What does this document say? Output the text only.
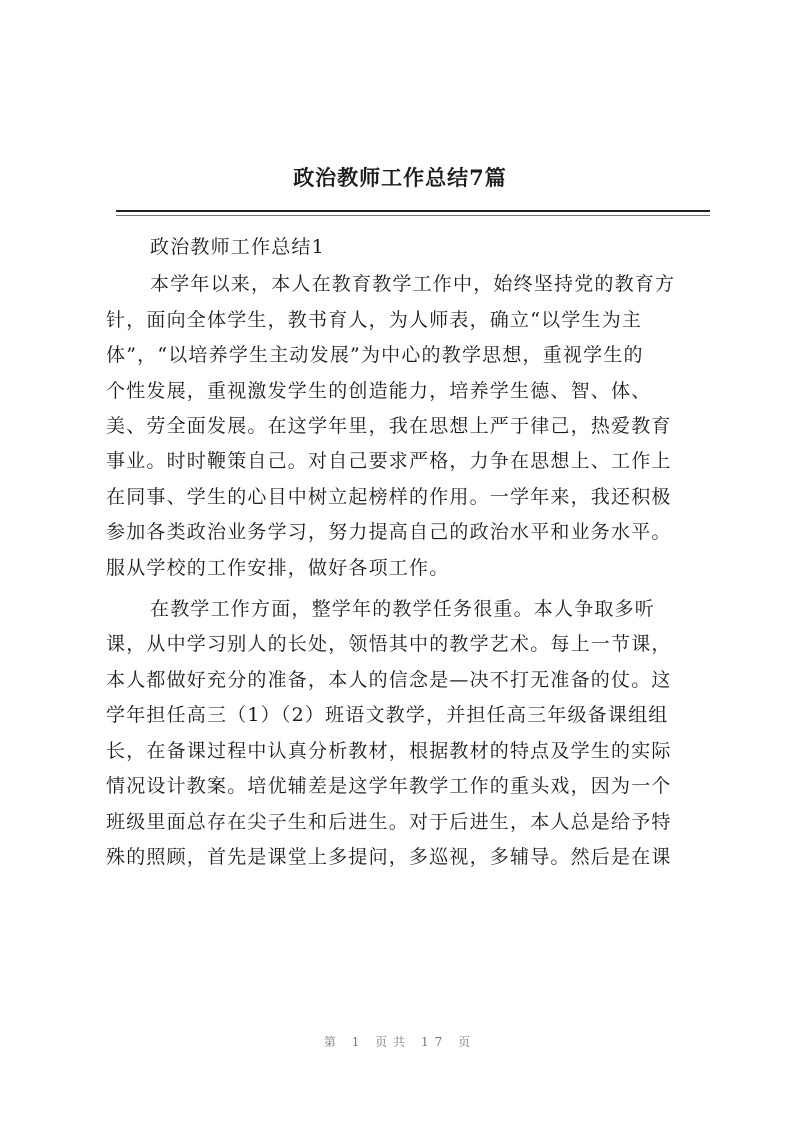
政治教师工作总结7篇
政治教师工作总结1
本学年以来，本人在教育教学工作中，始终坚持党的教育方
针，面向全体学生，教书育人，为人师表，确立“以学生为主
体”，“以培养学生主动发展”为中心的教学思想，重视学生的
个性发展，重视激发学生的创造能力，培养学生德、智、体、
美、劳全面发展。在这学年里，我在思想上严于律己，热爱教育
事业。时时鞭策自己。对自己要求严格，力争在思想上、工作上
在同事、学生的心目中树立起榜样的作用。一学年来，我还积极
参加各类政治业务学习，努力提高自己的政治水平和业务水平。
服从学校的工作安排，做好各项工作。
在教学工作方面，整学年的教学任务很重。本人争取多听
课，从中学习别人的长处，领悟其中的教学艺术。每上一节课，
本人都做好充分的准备，本人的信念是—决不打无准备的仗。这
学年担任高三（1）（2）班语文教学，并担任高三年级备课组组
长，在备课过程中认真分析教材，根据教材的特点及学生的实际
情况设计教案。培优辅差是这学年教学工作的重头戏，因为一个
班级里面总存在尖子生和后进生。对于后进生，本人总是给予特
殊的照顾，首先是课堂上多提问，多巡视，多辅导。然后是在课
第 1 页共 17 页
